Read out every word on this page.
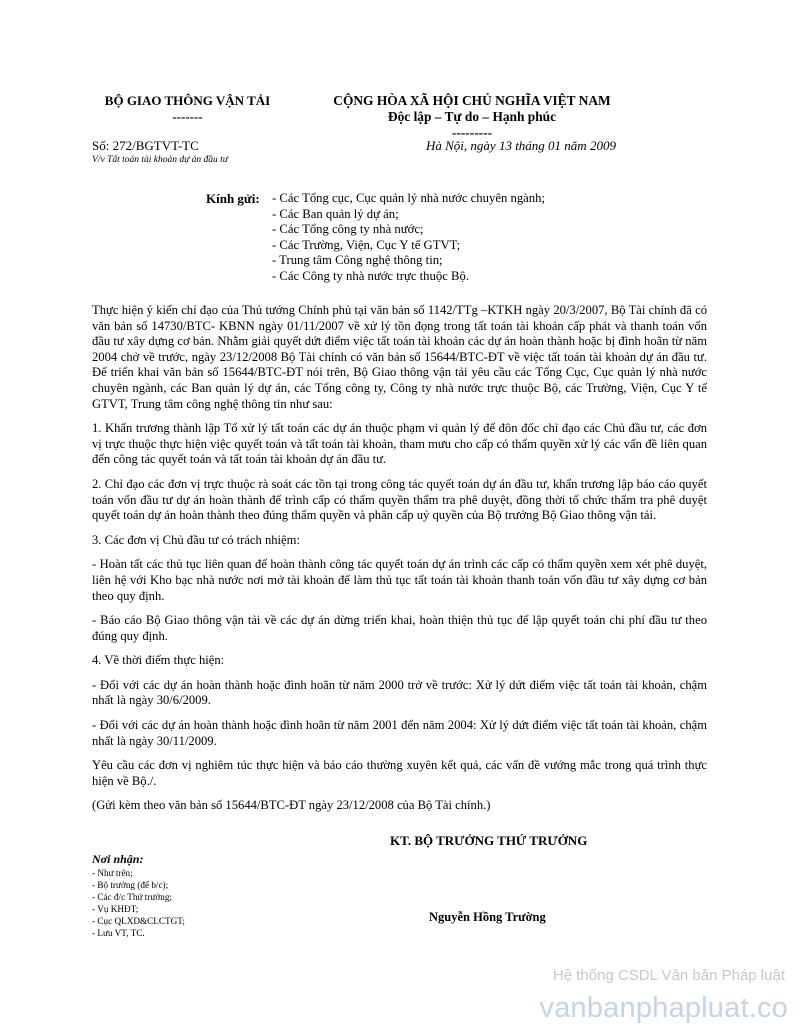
BỘ GIAO THÔNG VẬN TẢI
-------
CỘNG HÒA XÃ HỘI CHỦ NGHĨA VIỆT NAM
Độc lập – Tự do – Hạnh phúc
---------
Số: 272/BGTVT-TC
V/v Tất toán tài khoản dự án đầu tư
Hà Nội, ngày 13 tháng 01 năm 2009
Kính gửi: - Các Tổng cục, Cục quản lý nhà nước chuyên ngành;
- Các Ban quản lý dự án;
- Các Tổng công ty nhà nước;
- Các Trường, Viện, Cục Y tế GTVT;
- Trung tâm Công nghệ thông tin;
- Các Công ty nhà nước trực thuộc Bộ.

Thực hiện ý kiến chỉ đạo của Thủ tướng Chính phủ tại văn bản số 1142/TTg –KTKH ngày 20/3/2007, Bộ Tài chính đã có văn bản số 14730/BTC- KBNN ngày 01/11/2007 về xử lý tồn đọng trong tất toán tài khoản cấp phát và thanh toán vốn đầu tư xây dựng cơ bản. Nhằm giải quyết dứt điểm việc tất toán tài khoản các dự án hoàn thành hoặc bị đình hoãn từ năm 2004 chở về trước, ngày 23/12/2008 Bộ Tài chính có văn bản số 15644/BTC-ĐT về việc tất toán tài khoản dự án đầu tư. Để triển khai văn bản số 15644/BTC-ĐT nói trên, Bộ Giao thông vận tải yêu cầu các Tổng Cục, Cục quản lý nhà nước chuyên ngành, các Ban quản lý dự án, các Tổng công ty, Công ty nhà nước trực thuộc Bộ, các Trường, Viện, Cục Y tế GTVT, Trung tâm công nghệ thông tin như sau:

1. Khẩn trương thành lập Tổ xử lý tất toán các dự án thuộc phạm vi quản lý để đôn đốc chỉ đạo các Chủ đầu tư, các đơn vị trực thuộc thực hiện việc quyết toán và tất toán tài khoản, tham mưu cho cấp có thẩm quyền xử lý các vấn đề liên quan đến công tác quyết toán và tất toán tài khoản dự án đầu tư.

2. Chỉ đạo các đơn vị trực thuộc rà soát các tồn tại trong công tác quyết toán dự án đầu tư, khẩn trương lập báo cáo quyết toán vốn đầu tư dự án hoàn thành để trình cấp có thẩm quyền thẩm tra phê duyệt, đồng thời tổ chức thẩm tra phê duyệt quyết toán dự án hoàn thành theo đúng thẩm quyền và phân cấp uỷ quyền của Bộ trưởng Bộ Giao thông vận tải.

3. Các đơn vị Chủ đầu tư có trách nhiệm:

- Hoàn tất các thủ tục liên quan để hoàn thành công tác quyết toán dự án trình các cấp có thẩm quyền xem xét phê duyệt, liên hệ với Kho bạc nhà nước nơi mở tài khoản để làm thủ tục tất toán tài khoản thanh toán vốn đầu tư xây dựng cơ bản theo quy định.

- Báo cáo Bộ Giao thông vận tải về các dự án dừng triển khai, hoàn thiện thủ tục để lập quyết toán chi phí đầu tư theo đúng quy định.

4. Về thời điểm thực hiện:

- Đối với các dự án hoàn thành hoặc đình hoãn từ năm 2000 trở về trước: Xử lý dứt điểm việc tất toán tài khoản, chậm nhất là ngày 30/6/2009.

- Đối với các dự án hoàn thành hoặc đình hoãn từ năm 2001 đến năm 2004: Xử lý dứt điểm việc tất toán tài khoản, chậm nhất là ngày 30/11/2009.

Yêu cầu các đơn vị nghiêm túc thực hiện và báo cáo thường xuyên kết quả, các vấn đề vướng mắc trong quá trình thực hiện về Bộ./.

(Gửi kèm theo văn bản số 15644/BTC-ĐT ngày 23/12/2008 của Bộ Tài chính.)

KT. BỘ TRƯỞNG THỨ TRƯỞNG
Nguyễn Hồng Trường
Nơi nhận:
- Như trên;
- Bộ trưởng (để b/c);
- Các đ/c Thứ trưởng;
- Vụ KHĐT;
- Cục QLXD&CLCTGT;
- Lưu VT, TC.
Hệ thống CSDL Văn bản Pháp luật
vanbanphapluat.co
